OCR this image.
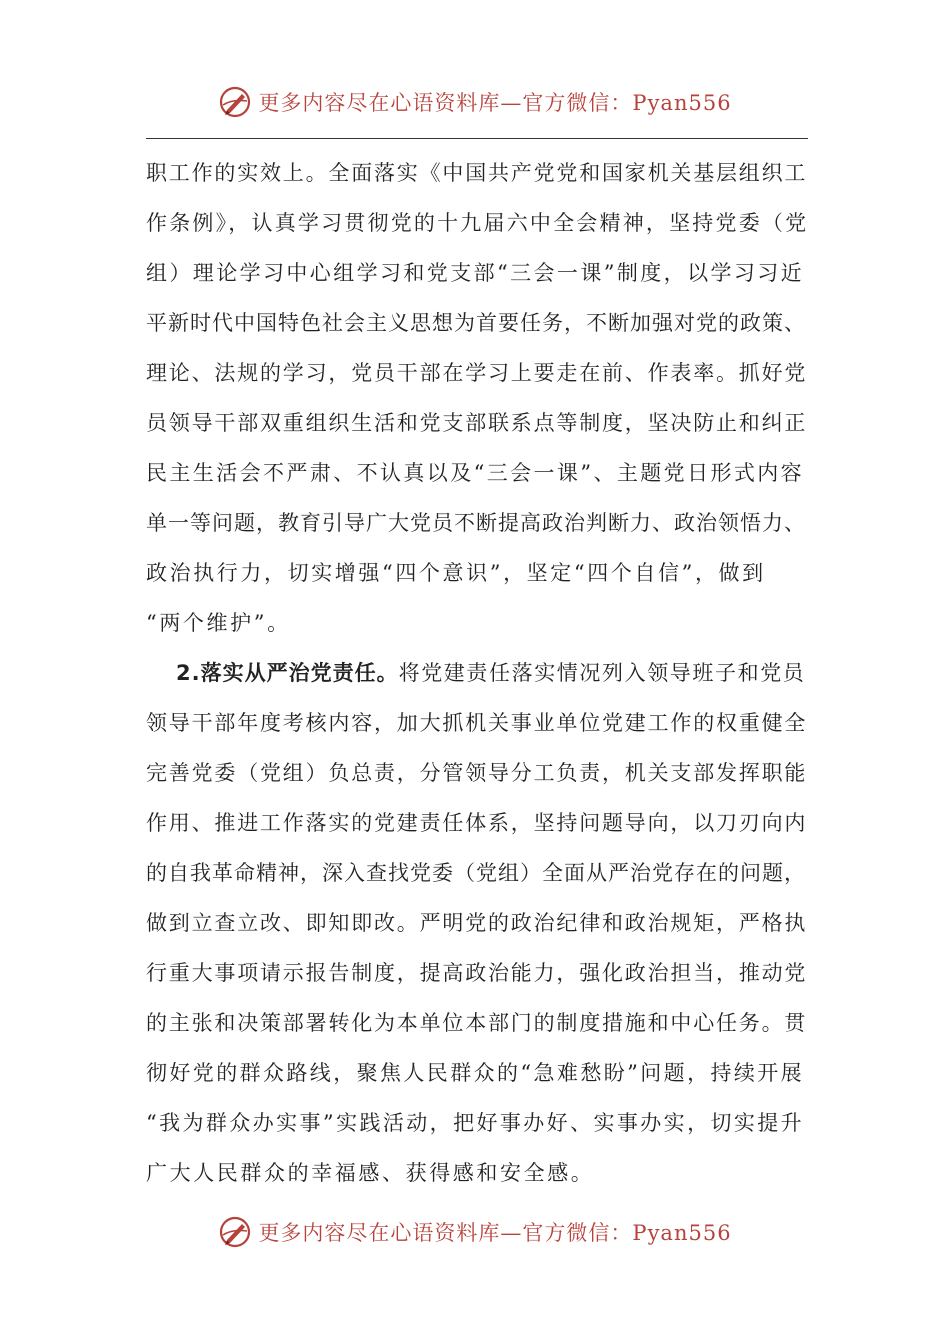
更多内容尽在心语资料库—官方微信：Pyan556
职工作的实效上。全面落实《中国共产党党和国家机关基层组织工
作条例》，认真学习贯彻党的十九届六中全会精神，坚持党委（党
组）理论学习中心组学习和党支部“三会一课”制度，以学习习近
平新时代中国特色社会主义思想为首要任务，不断加强对党的政策、
理论、法规的学习，党员干部在学习上要走在前、作表率。抓好党
员领导干部双重组织生活和党支部联系点等制度，坚决防止和纠正
民主生活会不严肃、不认真以及“三会一课”、主题党日形式内容
单一等问题，教育引导广大党员不断提高政治判断力、政治领悟力、
政治执行力，切实增强“四个意识”，坚定“四个自信”，做到
“两个维护”。
2.落实从严治党责任。将党建责任落实情况列入领导班子和党员
领导干部年度考核内容，加大抓机关事业单位党建工作的权重健全
完善党委（党组）负总责，分管领导分工负责，机关支部发挥职能
作用、推进工作落实的党建责任体系，坚持问题导向，以刀刃向内
的自我革命精神，深入查找党委（党组）全面从严治党存在的问题，
做到立查立改、即知即改。严明党的政治纪律和政治规矩，严格执
行重大事项请示报告制度，提高政治能力，强化政治担当，推动党
的主张和决策部署转化为本单位本部门的制度措施和中心任务。贯
彻好党的群众路线，聚焦人民群众的“急难愁盼”问题，持续开展
“我为群众办实事”实践活动，把好事办好、实事办实，切实提升
广大人民群众的幸福感、获得感和安全感。
更多内容尽在心语资料库—官方微信：Pyan556
